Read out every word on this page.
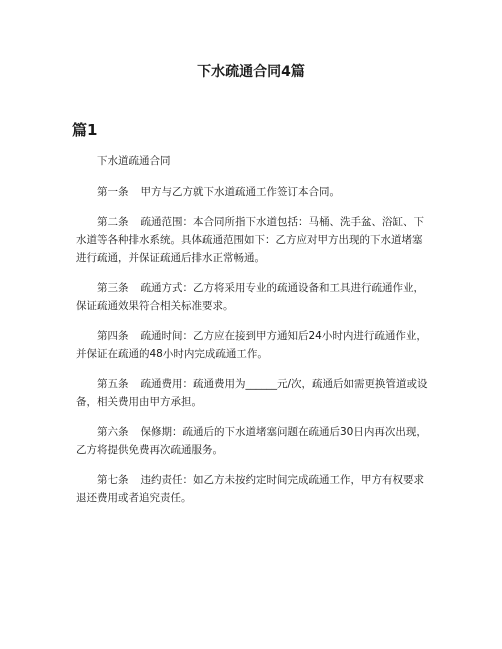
下水疏通合同4篇
篇1

下水道疏通合同

第一条 甲方与乙方就下水道疏通工作签订本合同。

第二条 疏通范围：本合同所指下水道包括：马桶、洗手盆、浴缸、下水道等各种排水系统。具体疏通范围如下：乙方应对甲方出现的下水道堵塞进行疏通，并保证疏通后排水正常畅通。

第三条 疏通方式：乙方将采用专业的疏通设备和工具进行疏通作业，保证疏通效果符合相关标准要求。

第四条 疏通时间：乙方应在接到甲方通知后24小时内进行疏通作业，并保证在疏通的48小时内完成疏通工作。

第五条 疏通费用：疏通费用为______元/次，疏通后如需更换管道或设备，相关费用由甲方承担。

第六条 保修期：疏通后的下水道堵塞问题在疏通后30日内再次出现，乙方将提供免费再次疏通服务。

第七条 违约责任：如乙方未按约定时间完成疏通工作，甲方有权要求退还费用或者追究责任。
